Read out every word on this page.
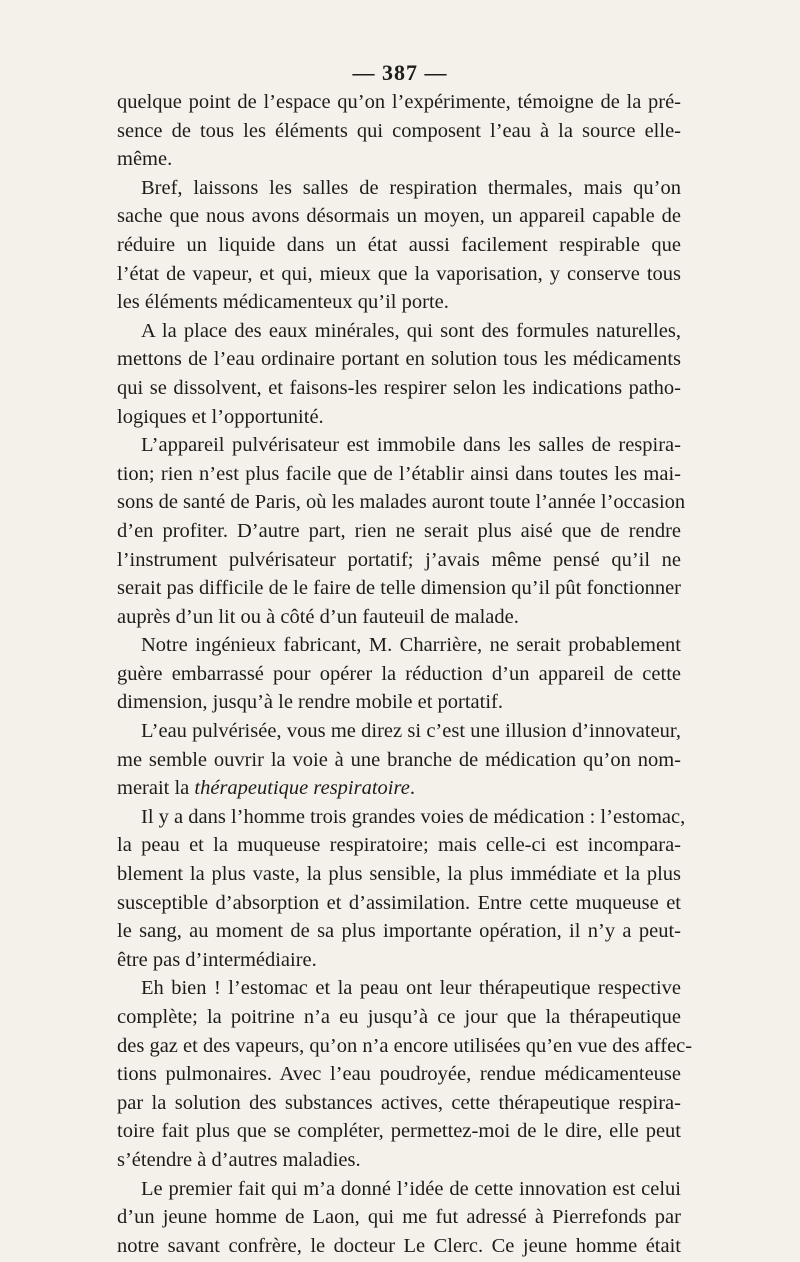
— 387 —
quelque point de l’espace qu’on l’expérimente, témoigne de la pré-
sence de tous les éléments qui composent l’eau à la source elle-
même.
Bref, laissons les salles de respiration thermales, mais qu’on
sache que nous avons désormais un moyen, un appareil capable de
réduire un liquide dans un état aussi facilement respirable que
l’état de vapeur, et qui, mieux que la vaporisation, y conserve tous
les éléments médicamenteux qu’il porte.
A la place des eaux minérales, qui sont des formules naturelles,
mettons de l’eau ordinaire portant en solution tous les médicaments
qui se dissolvent, et faisons-les respirer selon les indications patho-
logiques et l’opportunité.
L’appareil pulvérisateur est immobile dans les salles de respira-
tion; rien n’est plus facile que de l’établir ainsi dans toutes les mai-
sons de santé de Paris, où les malades auront toute l’année l’occasion
d’en profiter. D’autre part, rien ne serait plus aisé que de rendre
l’instrument pulvérisateur portatif; j’avais même pensé qu’il ne
serait pas difficile de le faire de telle dimension qu’il pût fonctionner
auprès d’un lit ou à côté d’un fauteuil de malade.
Notre ingénieux fabricant, M. Charrière, ne serait probablement
guère embarrassé pour opérer la réduction d’un appareil de cette
dimension, jusqu’à le rendre mobile et portatif.
L’eau pulvérisée, vous me direz si c’est une illusion d’innovateur,
me semble ouvrir la voie à une branche de médication qu’on nom-
merait la thérapeutique respiratoire.
Il y a dans l’homme trois grandes voies de médication : l’estomac,
la peau et la muqueuse respiratoire; mais celle-ci est incompara-
blement la plus vaste, la plus sensible, la plus immédiate et la plus
susceptible d’absorption et d’assimilation. Entre cette muqueuse et
le sang, au moment de sa plus importante opération, il n’y a peut-
être pas d’intermédiaire.
Eh bien ! l’estomac et la peau ont leur thérapeutique respective
complète; la poitrine n’a eu jusqu’à ce jour que la thérapeutique
des gaz et des vapeurs, qu’on n’a encore utilisées qu’en vue des affec-
tions pulmonaires. Avec l’eau poudroyée, rendue médicamenteuse
par la solution des substances actives, cette thérapeutique respira-
toire fait plus que se compléter, permettez-moi de le dire, elle peut
s’étendre à d’autres maladies.
Le premier fait qui m’a donné l’idée de cette innovation est celui
d’un jeune homme de Laon, qui me fut adressé à Pierrefonds par
notre savant confrère, le docteur Le Clerc. Ce jeune homme était
